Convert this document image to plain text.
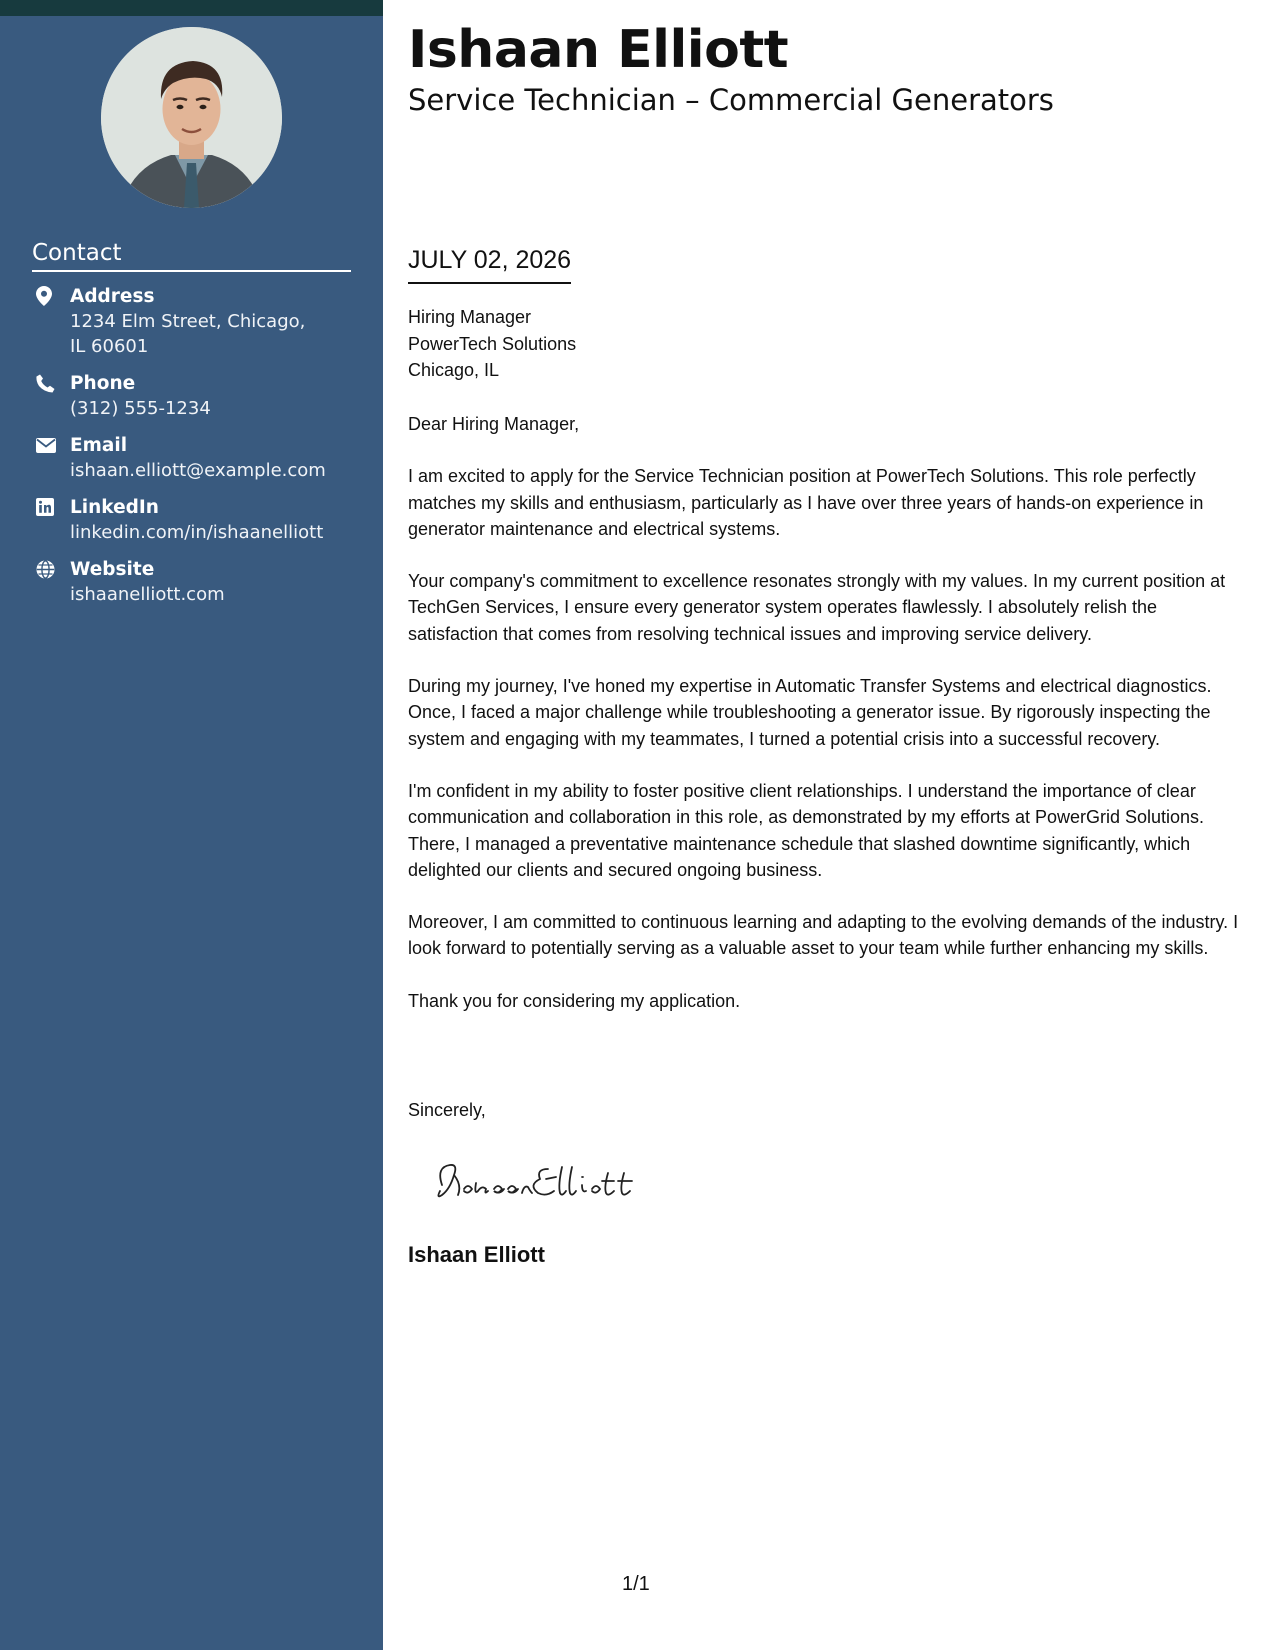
Contact
Address
1234 Elm Street, Chicago, IL 60601
Phone
(312) 555-1234
Email
ishaan.elliott@example.com
LinkedIn
linkedin.com/in/ishaanelliott
Website
ishaanelliott.com
Ishaan Elliott
Service Technician – Commercial Generators
JULY 02, 2026
Hiring Manager
PowerTech Solutions
Chicago, IL

Dear Hiring Manager,

I am excited to apply for the Service Technician position at PowerTech Solutions. This role perfectly matches my skills and enthusiasm, particularly as I have over three years of hands-on experience in generator maintenance and electrical systems.

Your company's commitment to excellence resonates strongly with my values. In my current position at TechGen Services, I ensure every generator system operates flawlessly. I absolutely relish the satisfaction that comes from resolving technical issues and improving service delivery.

During my journey, I've honed my expertise in Automatic Transfer Systems and electrical diagnostics. Once, I faced a major challenge while troubleshooting a generator issue. By rigorously inspecting the system and engaging with my teammates, I turned a potential crisis into a successful recovery.

I'm confident in my ability to foster positive client relationships. I understand the importance of clear communication and collaboration in this role, as demonstrated by my efforts at PowerGrid Solutions. There, I managed a preventative maintenance schedule that slashed downtime significantly, which delighted our clients and secured ongoing business.

Moreover, I am committed to continuous learning and adapting to the evolving demands of the industry. I look forward to potentially serving as a valuable asset to your team while further enhancing my skills.

Thank you for considering my application.

Sincerely,
Ishaan Elliott
1/1
